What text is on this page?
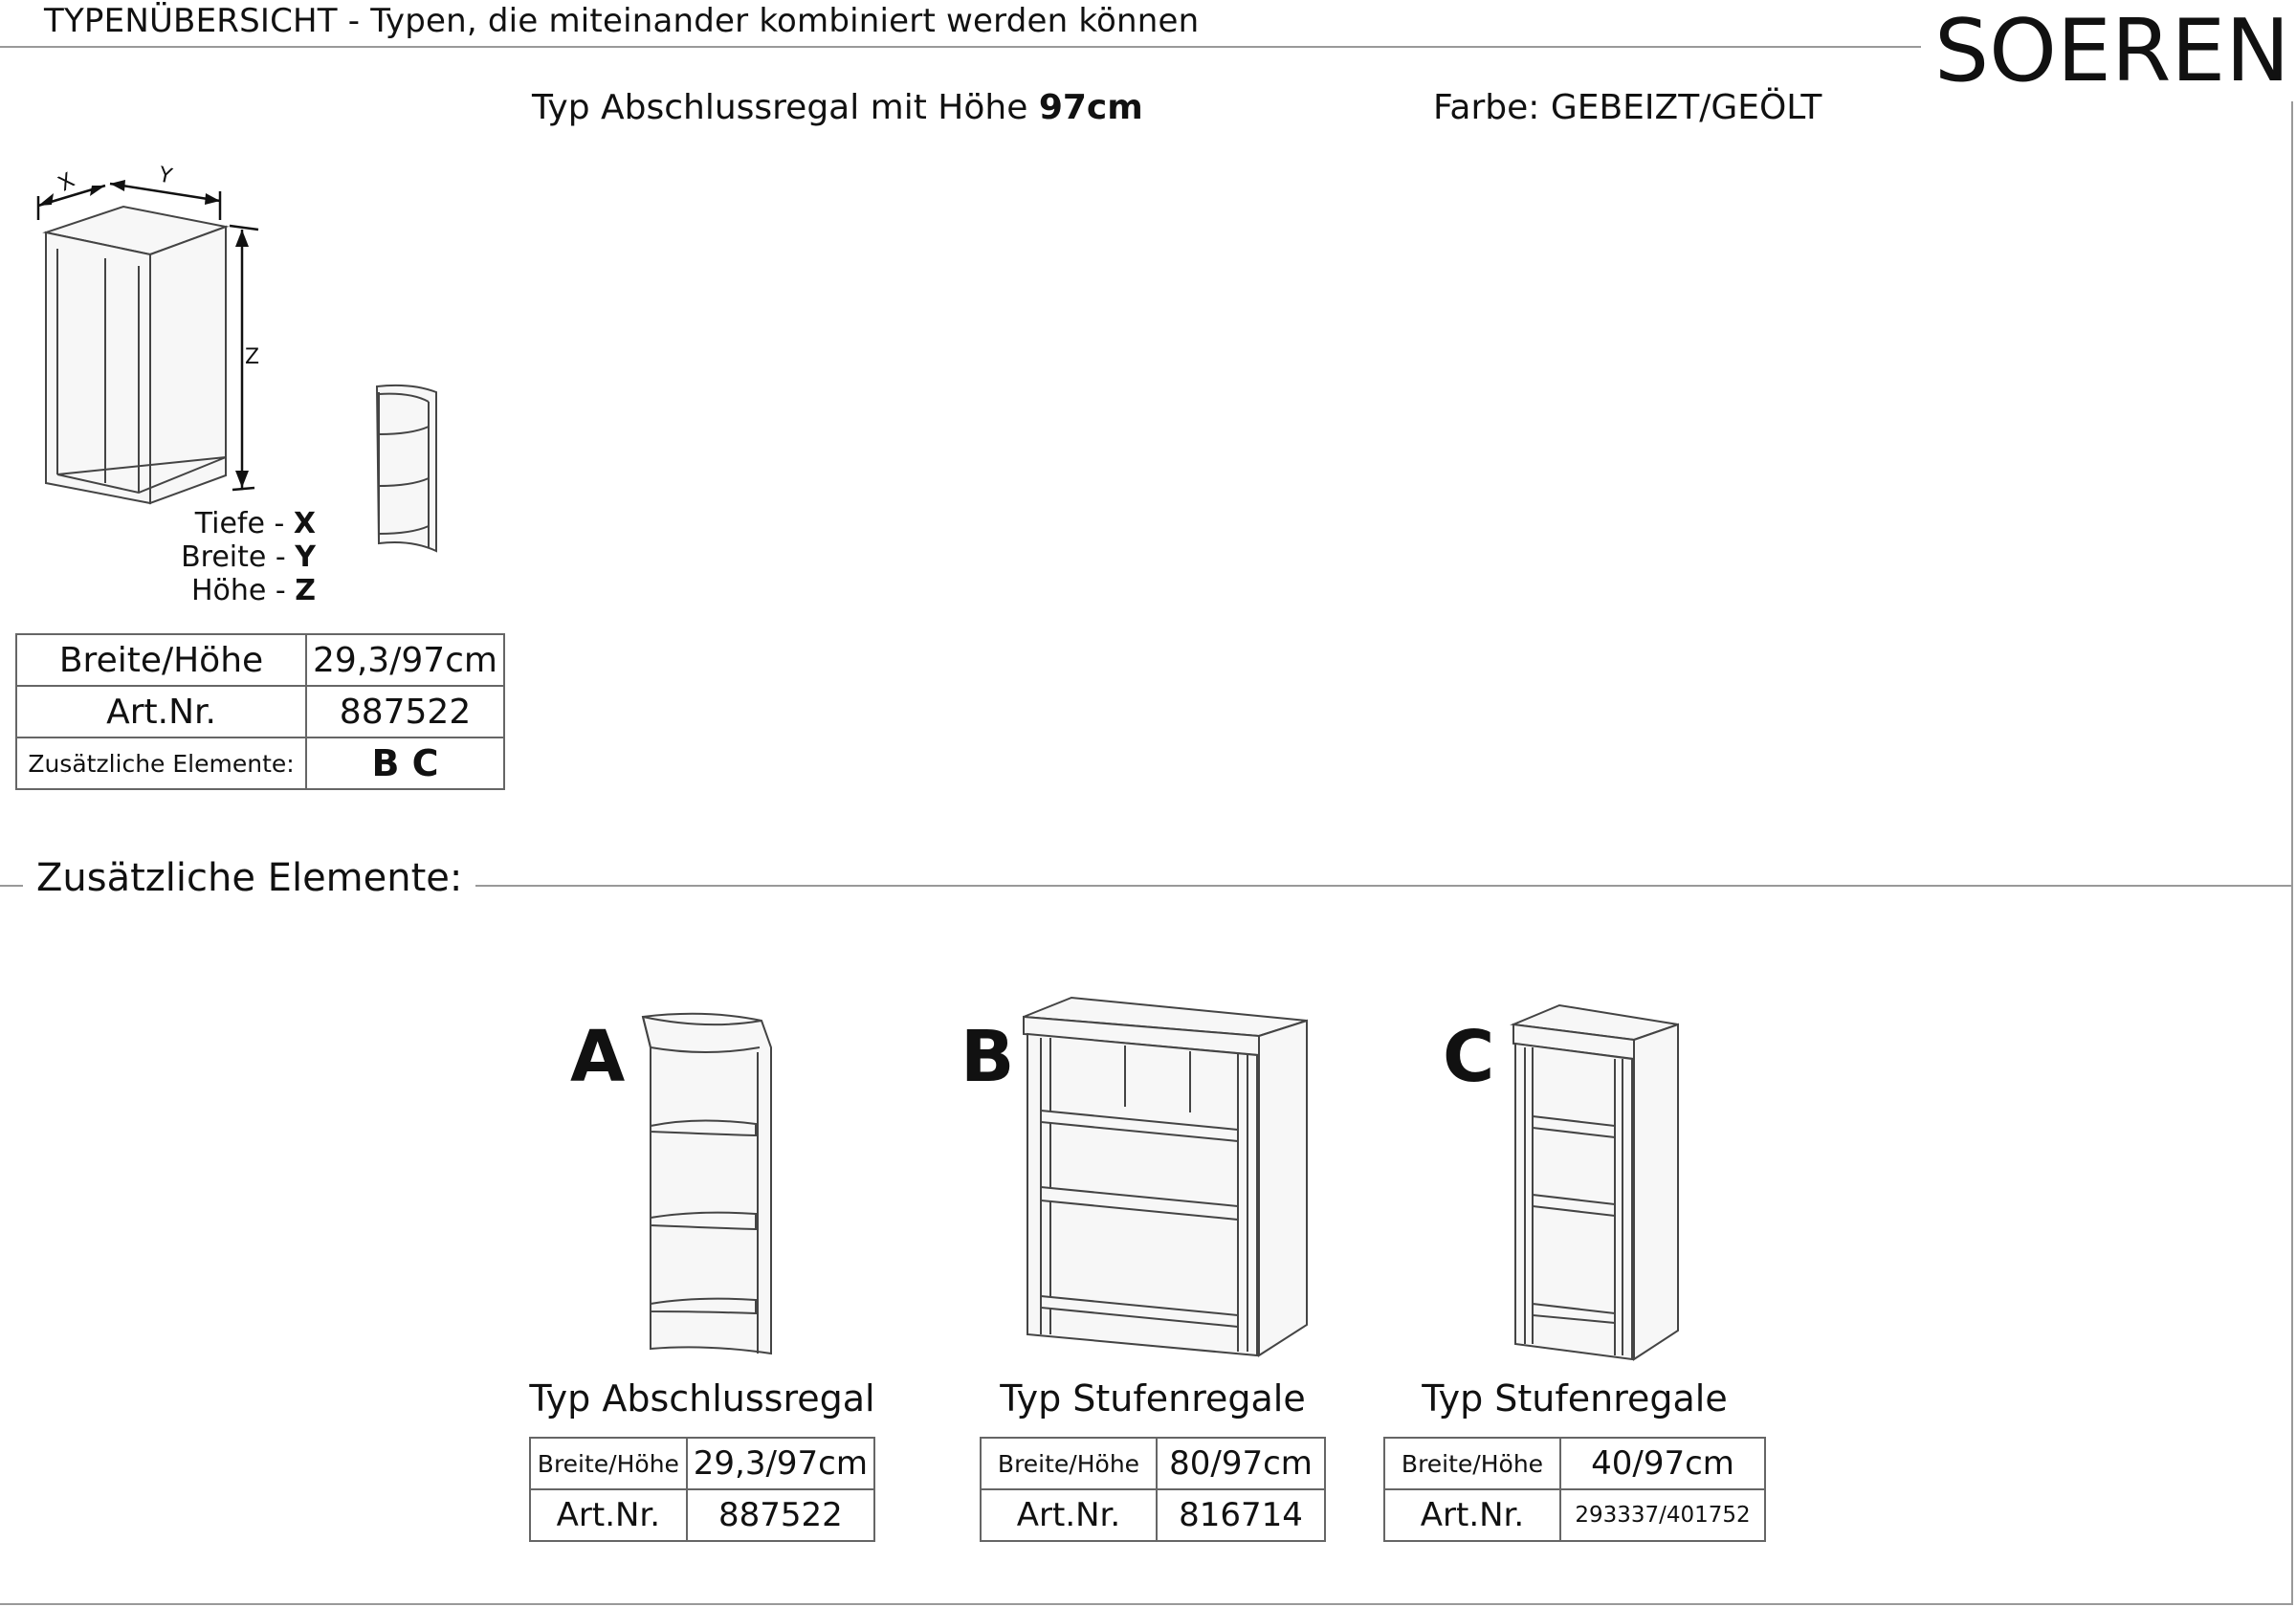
TYPENÜBERSICHT - Typen, die miteinander kombiniert werden können	SOEREN
Typ Abschlussregal mit Höhe 97cm	Farbe: GEBEIZT/GEÖLT
X	Y
Z
Tiefe - X
Breite - Y
Höhe - Z
Breite/Höhe	29,3/97cm
Art.Nr.	887522
Zusätzliche Elemente:	B C
Zusätzliche Elemente:
A
Typ Abschlussregal
Breite/Höhe	29,3/97cm
Art.Nr.	887522
B
Typ Stufenregale
Breite/Höhe	80/97cm
Art.Nr.	816714
C
Typ Stufenregale
Breite/Höhe	40/97cm
Art.Nr.	293337/401752
